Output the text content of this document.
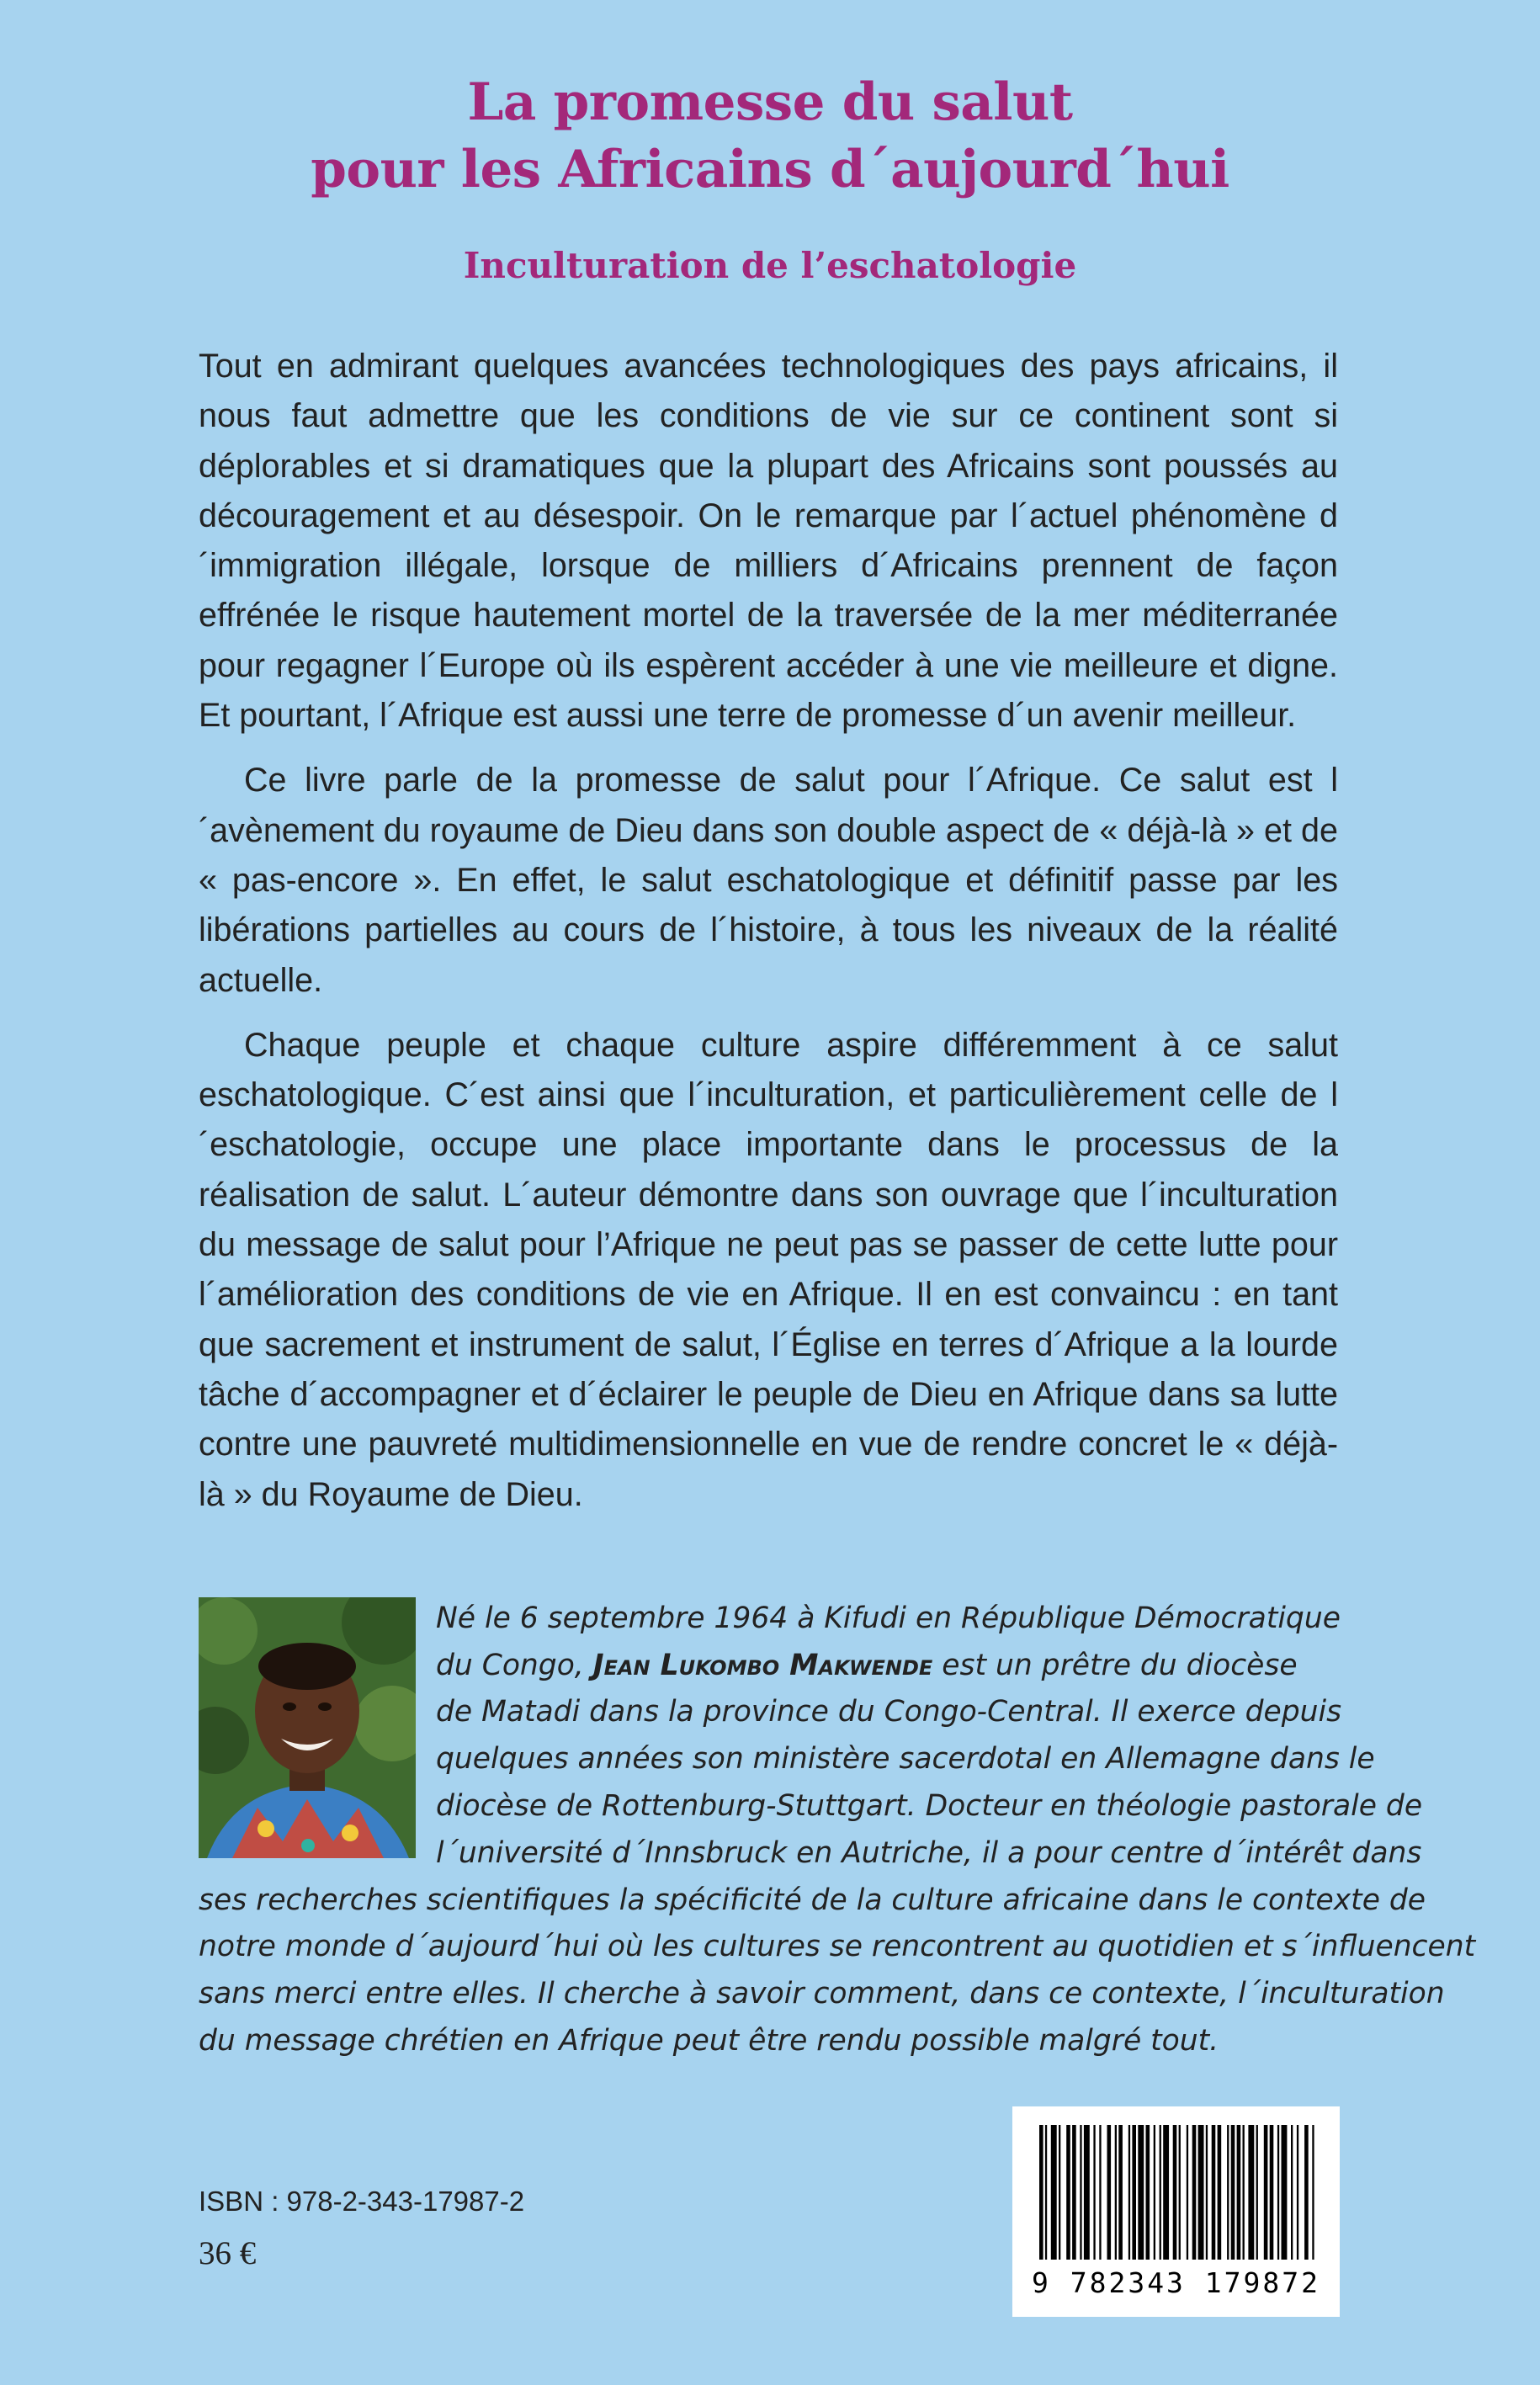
La promesse du salut
pour les Africains d´aujourd´hui
Inculturation de l’eschatologie

Tout en admirant quelques avancées technologiques des pays africains, il nous faut admettre que les conditions de vie sur ce continent sont si déplorables et si dramatiques que la plupart des Africains sont poussés au découragement et au désespoir. On le remarque par l´actuel phénomène d´immigration illégale, lorsque de milliers d´Africains prennent de façon effrénée le risque hautement mortel de la traversée de la mer méditerranée pour regagner l´Europe où ils espèrent accéder à une vie meilleure et digne. Et pourtant, l´Afrique est aussi une terre de promesse d´un avenir meilleur.

Ce livre parle de la promesse de salut pour l´Afrique. Ce salut est l´avènement du royaume de Dieu dans son double aspect de « déjà-là » et de « pas-encore ». En effet, le salut eschatologique et définitif passe par les libérations partielles au cours de l´histoire, à tous les niveaux de la réalité actuelle.

Chaque peuple et chaque culture aspire différemment à ce salut eschatologique. C´est ainsi que l´inculturation, et particulièrement celle de l´eschatologie, occupe une place importante dans le processus de la réalisation de salut. L´auteur démontre dans son ouvrage que l´inculturation du message de salut pour l’Afrique ne peut pas se passer de cette lutte pour l´amélioration des conditions de vie en Afrique. Il en est convaincu : en tant que sacrement et instrument de salut, l´Église en terres d´Afrique a la lourde tâche d´accompagner et d´éclairer le peuple de Dieu en Afrique dans sa lutte contre une pauvreté multidimensionnelle en vue de rendre concret le « déjà-là » du Royaume de Dieu.

Né le 6 septembre 1964 à Kifudi en République Démocratique
du Congo, Jean Lukombo Makwende est un prêtre du diocèse
de Matadi dans la province du Congo-Central. Il exerce depuis
quelques années son ministère sacerdotal en Allemagne dans le
diocèse de Rottenburg-Stuttgart. Docteur en théologie pastorale de
l´université d´Innsbruck en Autriche, il a pour centre d´intérêt dans
ses recherches scientifiques la spécificité de la culture africaine dans le contexte de
notre monde d´aujourd´hui où les cultures se rencontrent au quotidien et s´influencent
sans merci entre elles. Il cherche à savoir comment, dans ce contexte, l´inculturation
du message chrétien en Afrique peut être rendu possible malgré tout.
9 782343 179872
ISBN : 978-2-343-17987-2
36 €
